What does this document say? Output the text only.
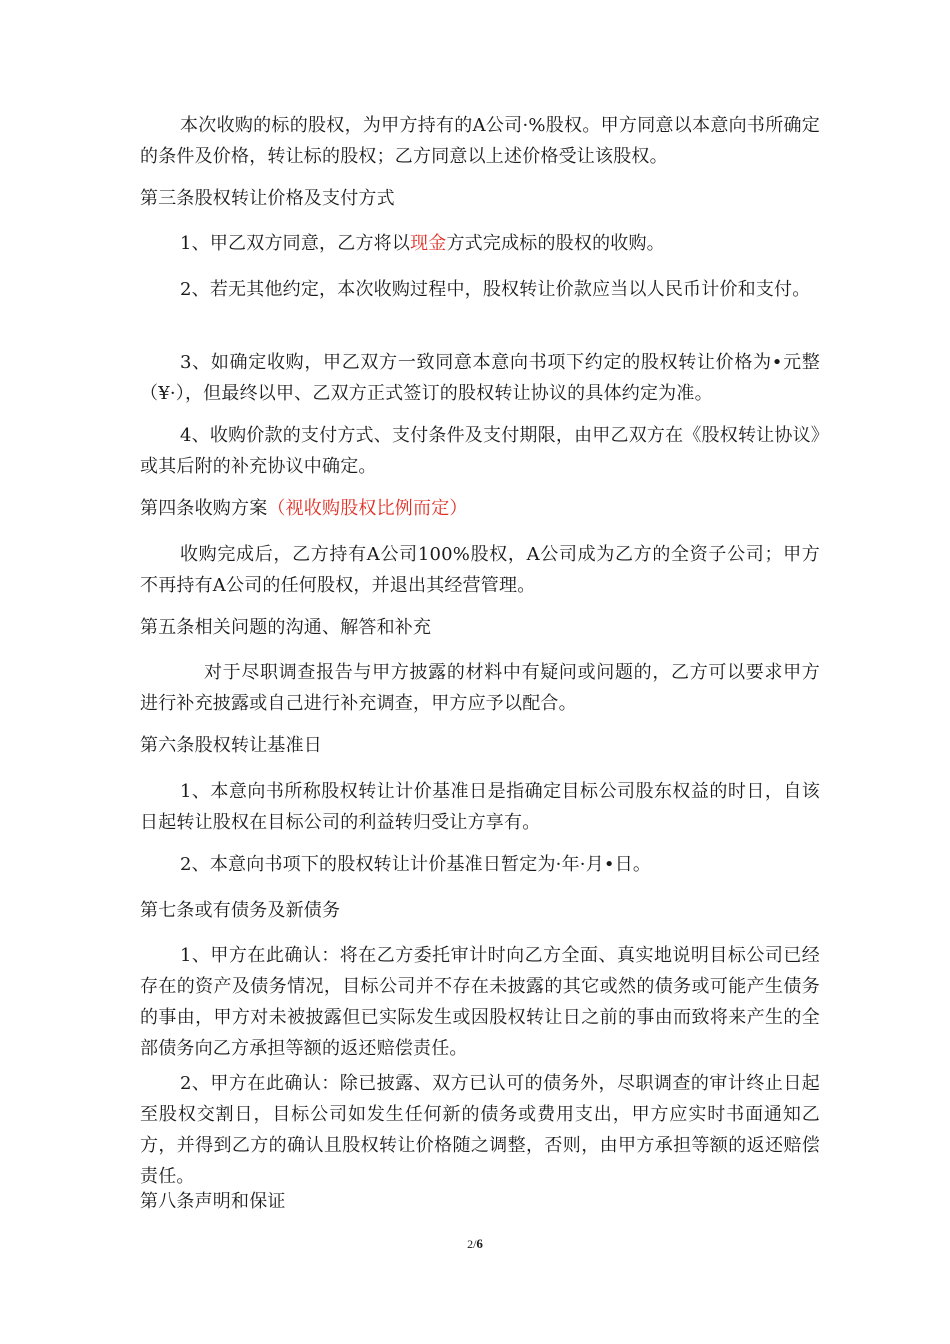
本次收购的标的股权，为甲方持有的A公司·%股权。甲方同意以本意向书所确定的条件及价格，转让标的股权；乙方同意以上述价格受让该股权。

第三条股权转让价格及支付方式

1、甲乙双方同意，乙方将以现金方式完成标的股权的收购。

2、若无其他约定，本次收购过程中，股权转让价款应当以人民币计价和支付。

3、如确定收购，甲乙双方一致同意本意向书项下约定的股权转让价格为•元整（¥·），但最终以甲、乙双方正式签订的股权转让协议的具体约定为准。

4、收购价款的支付方式、支付条件及支付期限，由甲乙双方在《股权转让协议》或其后附的补充协议中确定。

第四条收购方案（视收购股权比例而定）

收购完成后，乙方持有A公司100%股权，A公司成为乙方的全资子公司；甲方不再持有A公司的任何股权，并退出其经营管理。

第五条相关问题的沟通、解答和补充

对于尽职调查报告与甲方披露的材料中有疑问或问题的，乙方可以要求甲方进行补充披露或自己进行补充调查，甲方应予以配合。

第六条股权转让基准日

1、本意向书所称股权转让计价基准日是指确定目标公司股东权益的时日，自该日起转让股权在目标公司的利益转归受让方享有。

2、本意向书项下的股权转让计价基准日暂定为·年·月•日。

第七条或有债务及新债务

1、甲方在此确认：将在乙方委托审计时向乙方全面、真实地说明目标公司已经存在的资产及债务情况，目标公司并不存在未披露的其它或然的债务或可能产生债务的事由，甲方对未被披露但已实际发生或因股权转让日之前的事由而致将来产生的全部债务向乙方承担等额的返还赔偿责任。

2、甲方在此确认：除已披露、双方已认可的债务外，尽职调查的审计终止日起至股权交割日，目标公司如发生任何新的债务或费用支出，甲方应实时书面通知乙方，并得到乙方的确认且股权转让价格随之调整，否则，由甲方承担等额的返还赔偿责任。

第八条声明和保证

2/6
